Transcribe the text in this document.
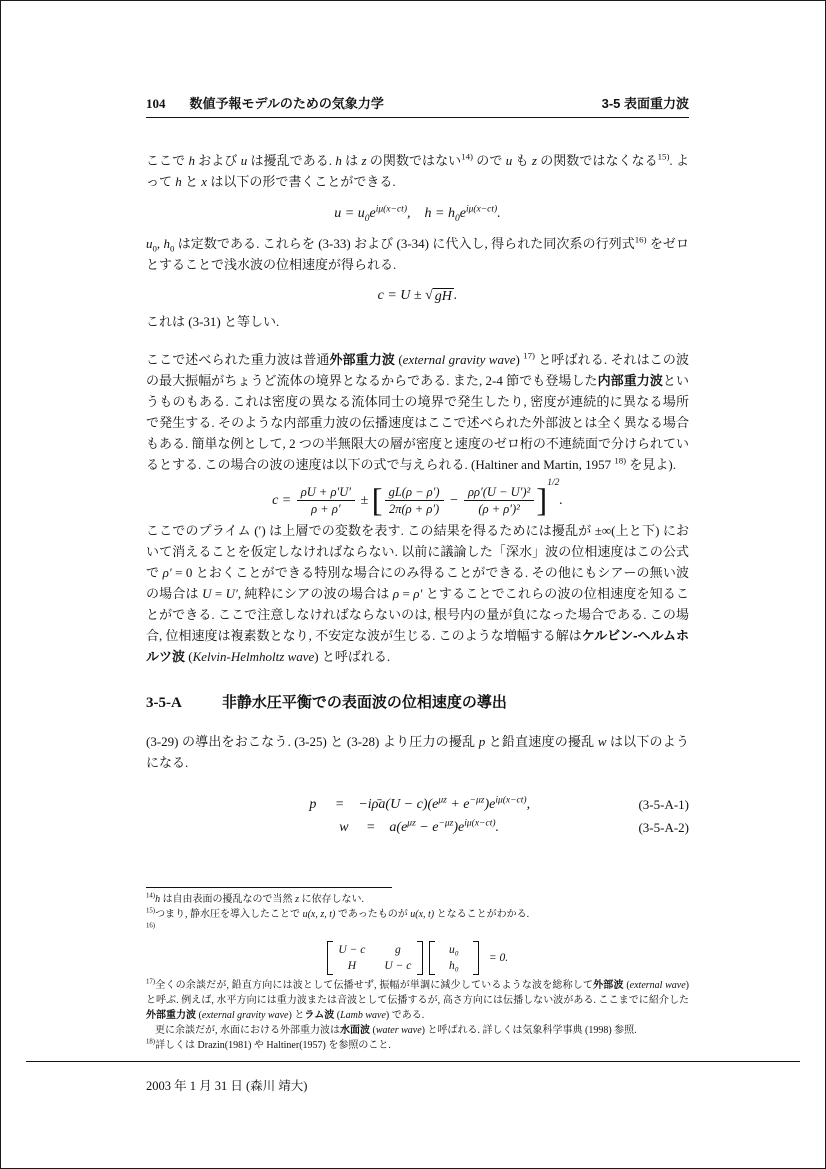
104 数値予報モデルのための気象力学	3-5 表面重力波

ここで h および u は擾乱である. h は z の関数ではない$^{14)}$ ので u も z の関数ではなくなる$^{15)}$. よって h と x は以下の形で書くことができる.

$u = u_0e^{i\mu(x-ct)}$,    $h = h_0e^{i\mu(x-ct)}$.

$u_0$, $h_0$ は定数である. これらを (3-33) および (3-34) に代入し, 得られた同次系の行列式$^{16)}$ をゼロとすることで浅水波の位相速度が得られる.

c = U ± √ gH .

これは (3-31) と等しい.

ここで述べられた重力波は普通外部重力波 (external gravity wave) $^{17)}$ と呼ばれる. それはこの波の最大振幅がちょうど流体の境界となるからである. また, 2-4 節でも登場した内部重力波というものもある. これは密度の異なる流体同士の境界で発生したり, 密度が連続的に異なる場所で発生する. そのような内部重力波の伝播速度はここで述べられた外部波とは全く異なる場合もある. 簡単な例として, 2 つの半無限大の層が密度と速度のゼロ桁の不連続面で分けられているとする. この場合の波の速度は以下の式で与えられる. (Haltiner and Martin, 1957 $^{18)}$ を見よ).

$c = \frac{\rho U + \rho'U'}{\rho + \rho'}$ ± [ $\frac{gL(\rho - \rho')}{2\pi(\rho + \rho')} - \frac{\text{ρρ′(U − U′)²}}{\text{(ρ + ρ′)²}} ]^{1/2}$.

ここでのプライム (′) は上層での変数を表す. この結果を得るためには擾乱が ±∞(上と下) において消えることを仮定しなければならない. 以前に議論した「深水」波の位相速度はこの公式で ρ′ = 0 とおくことができる特別な場合にのみ得ることができる. その他にもシアーの無い波の場合は U = U′, 純粋にシアの波の場合は ρ = ρ′ とすることでこれらの波の位相速度を知ることができる. ここで注意しなければならないのは, 根号内の量が負になった場合である. この場合, 位相速度は複素数となり, 不安定な波が生じる. このような増幅する解はケルビン-ヘルムホルツ波 (Kelvin-Helmholtz wave) と呼ばれる.

3-5-A	非静水圧平衡での表面波の位相速度の導出

(3-29) の導出をおこなう. (3-25) と (3-28) より圧力の擾乱 p と鉛直速度の擾乱 w は以下のようになる.

p = −iρ̄a(U − $c)(e^{\mu z} + e^{-\mu z})e^{i\mu(x-ct)}$,	(3-5-A-1)
$w = a(e^{\mu z} - e^{-\mu z})e^{i\mu(x-ct)}$.	(3-5-A-2)

$^{14)}$h は自由表面の擾乱なので当然 z に依存しない.

$^{15)}$つまり, 静水圧を導入したことで u(x, z, t) であったものが u(x, t) となることがわかる.

$^{16)}$

U − c	g
H	U − c
u₀
h₀
= 0.

$^{17)}$全くの余談だが, 鉛直方向には波として伝播せず, 振幅が単調に減少しているような波を総称して外部波 (external wave) と呼ぶ. 例えば, 水平方向には重力波または音波として伝播するが, 高さ方向には伝播しない波がある. ここまでに紹介した外部重力波 (external gravity wave) とラム波 (Lamb wave) である.

更に余談だが, 水面における外部重力波は水面波 (water wave) と呼ばれる. 詳しくは気象科学事典 (1998) 参照.

$^{18)}$詳しくは Drazin(1981) や Haltiner(1957) を参照のこと.

2003 年 1 月 31 日 (森川 靖大)
